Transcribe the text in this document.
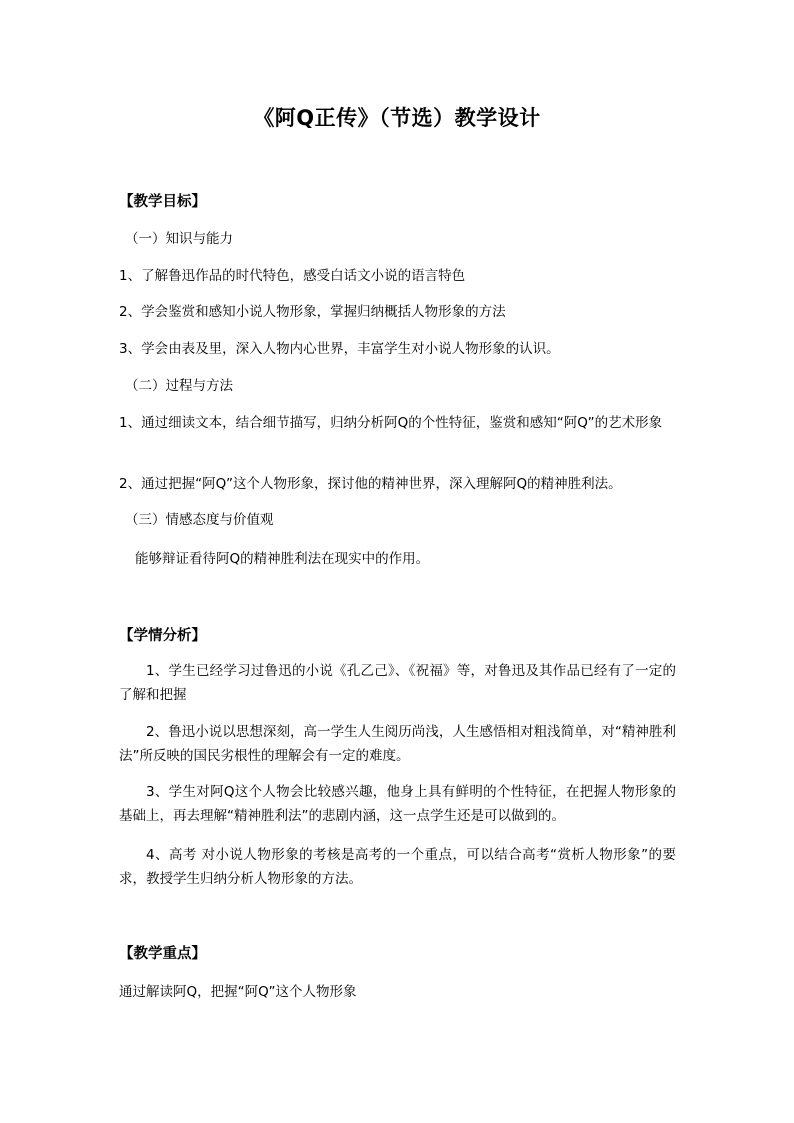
《阿Q正传》（节选）教学设计
【教学目标】
（一）知识与能力
1、了解鲁迅作品的时代特色，感受白话文小说的语言特色
2、学会鉴赏和感知小说人物形象，掌握归纳概括人物形象的方法
3、学会由表及里，深入人物内心世界，丰富学生对小说人物形象的认识。
（二）过程与方法
1、通过细读文本，结合细节描写，归纳分析阿Q的个性特征，鉴赏和感知“阿Q”的艺术形象
2、通过把握“阿Q”这个人物形象，探讨他的精神世界，深入理解阿Q的精神胜利法。
（三）情感态度与价值观
能够辩证看待阿Q的精神胜利法在现实中的作用。
【学情分析】
1、学生已经学习过鲁迅的小说《孔乙己》、《祝福》等，对鲁迅及其作品已经有了一定的了解和把握
2、鲁迅小说以思想深刻，高一学生人生阅历尚浅，人生感悟相对粗浅简单，对“精神胜利法”所反映的国民劣根性的理解会有一定的难度。
3、学生对阿Q这个人物会比较感兴趣，他身上具有鲜明的个性特征，在把握人物形象的基础上，再去理解“精神胜利法”的悲剧内涵，这一点学生还是可以做到的。
4、高考 对小说人物形象的考核是高考的一个重点，可以结合高考“赏析人物形象”的要求，教授学生归纳分析人物形象的方法。
【教学重点】
通过解读阿Q，把握“阿Q”这个人物形象
